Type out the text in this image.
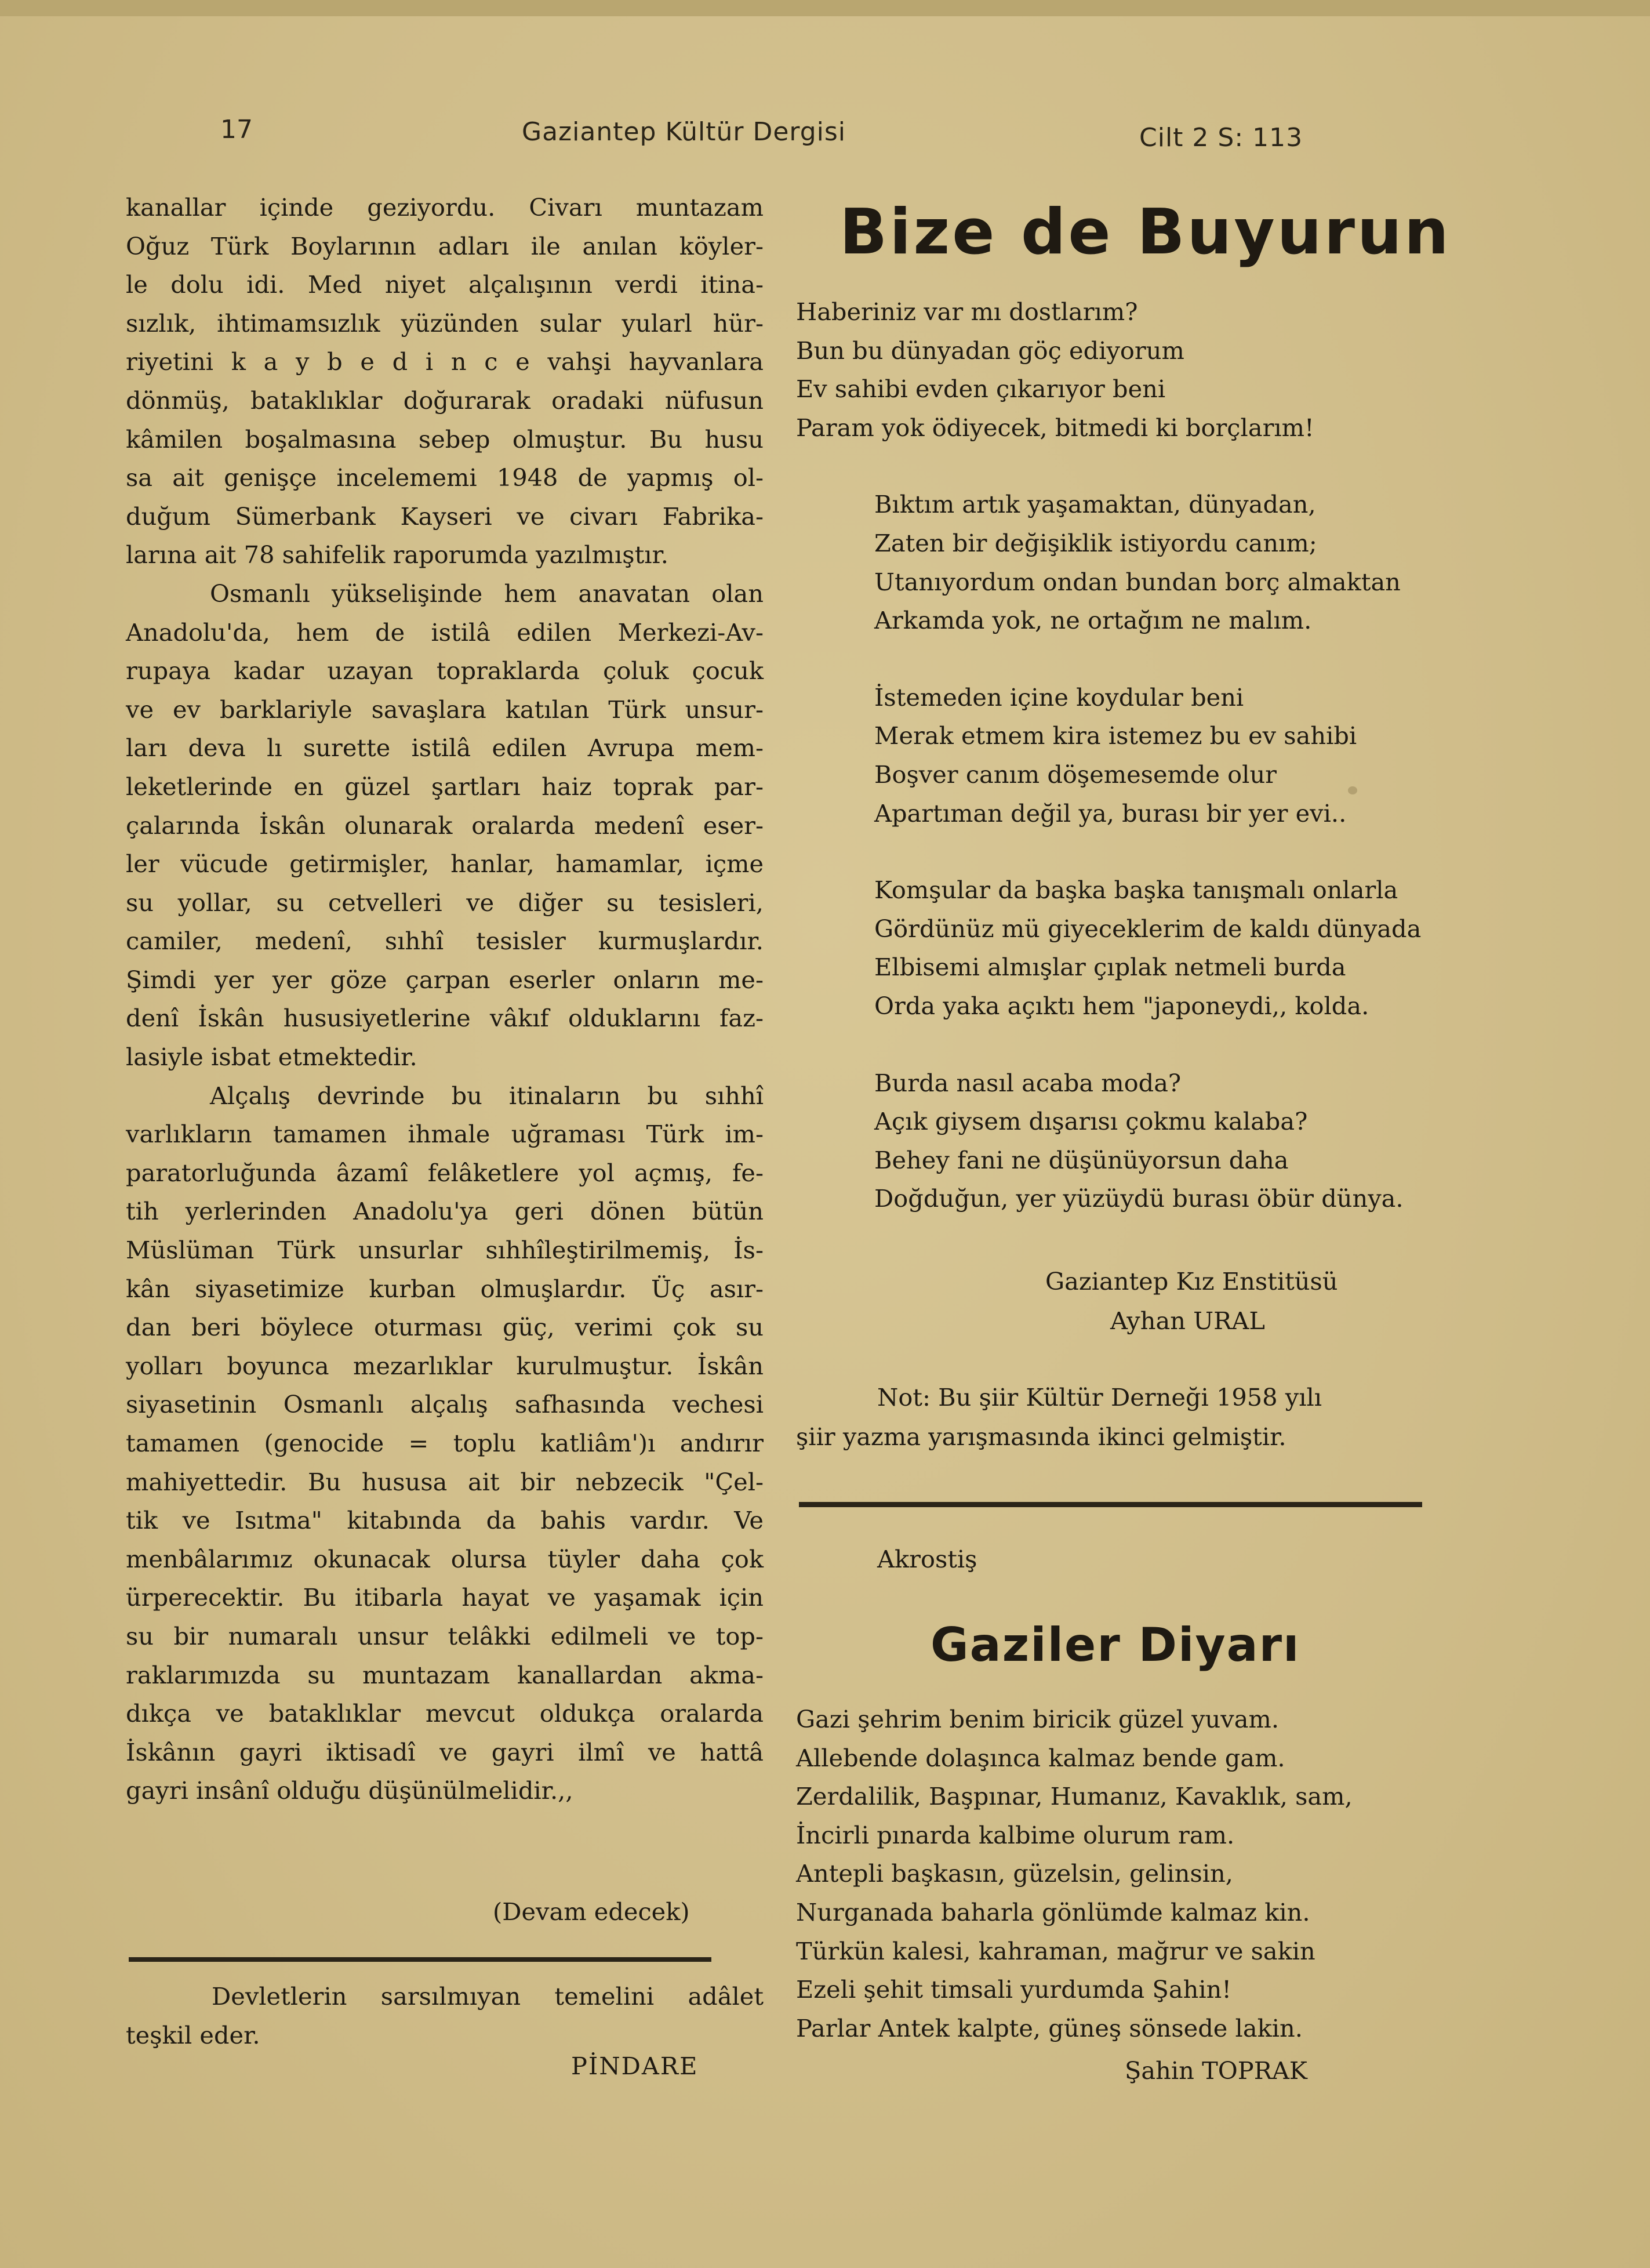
17	Gaziantep Kültür Dergisi	Cilt 2 S: 113
kanallar içinde geziyordu. Civarı muntazam
Oğuz Türk Boylarının adları ile anılan köyler-
le dolu idi. Med niyet alçalışının verdi itina-
sızlık, ihtimamsızlık yüzünden sular yularl hür-
riyetini k a y b e d i n c e vahşi hayvanlara
dönmüş, bataklıklar doğurarak oradaki nüfusun
kâmilen boşalmasına sebep olmuştur. Bu husu
sa ait genişçe incelememi 1948 de yapmış ol-
duğum Sümerbank Kayseri ve civarı Fabrika-
larına ait 78 sahifelik raporumda yazılmıştır.
Osmanlı yükselişinde hem anavatan olan
Anadolu'da, hem de istilâ edilen Merkezi-Av-
rupaya kadar uzayan topraklarda çoluk çocuk
ve ev barklariyle savaşlara katılan Türk unsur-
ları deva lı surette istilâ edilen Avrupa mem-
leketlerinde en güzel şartları haiz toprak par-
çalarında İskân olunarak oralarda medenî eser-
ler vücude getirmişler, hanlar, hamamlar, içme
su yollar, su cetvelleri ve diğer su tesisleri,
camiler, medenî, sıhhî tesisler kurmuşlardır.
Şimdi yer yer göze çarpan eserler onların me-
denî İskân hususiyetlerine vâkıf olduklarını faz-
lasiyle isbat etmektedir.
Alçalış devrinde bu itinaların bu sıhhî
varlıkların tamamen ihmale uğraması Türk im-
paratorluğunda âzamî felâketlere yol açmış, fe-
tih yerlerinden Anadolu'ya geri dönen bütün
Müslüman Türk unsurlar sıhhîleştirilmemiş, İs-
kân siyasetimize kurban olmuşlardır. Üç asır-
dan beri böylece oturması güç, verimi çok su
yolları boyunca mezarlıklar kurulmuştur. İskân
siyasetinin Osmanlı alçalış safhasında vechesi
tamamen (genocide = toplu katliâm')ı andırır
mahiyettedir. Bu hususa ait bir nebzecik "Çel-
tik ve Isıtma" kitabında da bahis vardır. Ve
menbâlarımız okunacak olursa tüyler daha çok
ürperecektir. Bu itibarla hayat ve yaşamak için
su bir numaralı unsur telâkki edilmeli ve top-
raklarımızda su muntazam kanallardan akma-
dıkça ve bataklıklar mevcut oldukça oralarda
İskânın gayri iktisadî ve gayri ilmî ve hattâ
gayri insânî olduğu düşünülmelidir.,,
(Devam edecek)
Devletlerin sarsılmıyan temelini adâlet
teşkil eder.
PİNDARE
Bize de Buyurun
Haberiniz var mı dostlarım?
Bun bu dünyadan göç ediyorum
Ev sahibi evden çıkarıyor beni
Param yok ödiyecek, bitmedi ki borçlarım!
Bıktım artık yaşamaktan, dünyadan,
Zaten bir değişiklik istiyordu canım;
Utanıyordum ondan bundan borç almaktan
Arkamda yok, ne ortağım ne malım.
İstemeden içine koydular beni
Merak etmem kira istemez bu ev sahibi
Boşver canım döşemesemde olur
Apartıman değil ya, burası bir yer evi..
Komşular da başka başka tanışmalı onlarla
Gördünüz mü giyeceklerim de kaldı dünyada
Elbisemi almışlar çıplak netmeli burda
Orda yaka açıktı hem "japoneydi,, kolda.
Burda nasıl acaba moda?
Açık giysem dışarısı çokmu kalaba?
Behey fani ne düşünüyorsun daha
Doğduğun, yer yüzüydü burası öbür dünya.
Gaziantep Kız Enstitüsü
Ayhan URAL
Not: Bu şiir Kültür Derneği 1958 yılı
şiir yazma yarışmasında ikinci gelmiştir.
Akrostiş
Gaziler Diyarı
Gazi şehrim benim biricik güzel yuvam.
Allebende dolaşınca kalmaz bende gam.
Zerdalilik, Başpınar, Humanız, Kavaklık, sam,
İncirli pınarda kalbime olurum ram.
Antepli başkasın, güzelsin, gelinsin,
Nurganada baharla gönlümde kalmaz kin.
Türkün kalesi, kahraman, mağrur ve sakin
Ezeli şehit timsali yurdumda Şahin!
Parlar Antek kalpte, güneş sönsede lakin.
Şahin TOPRAK
